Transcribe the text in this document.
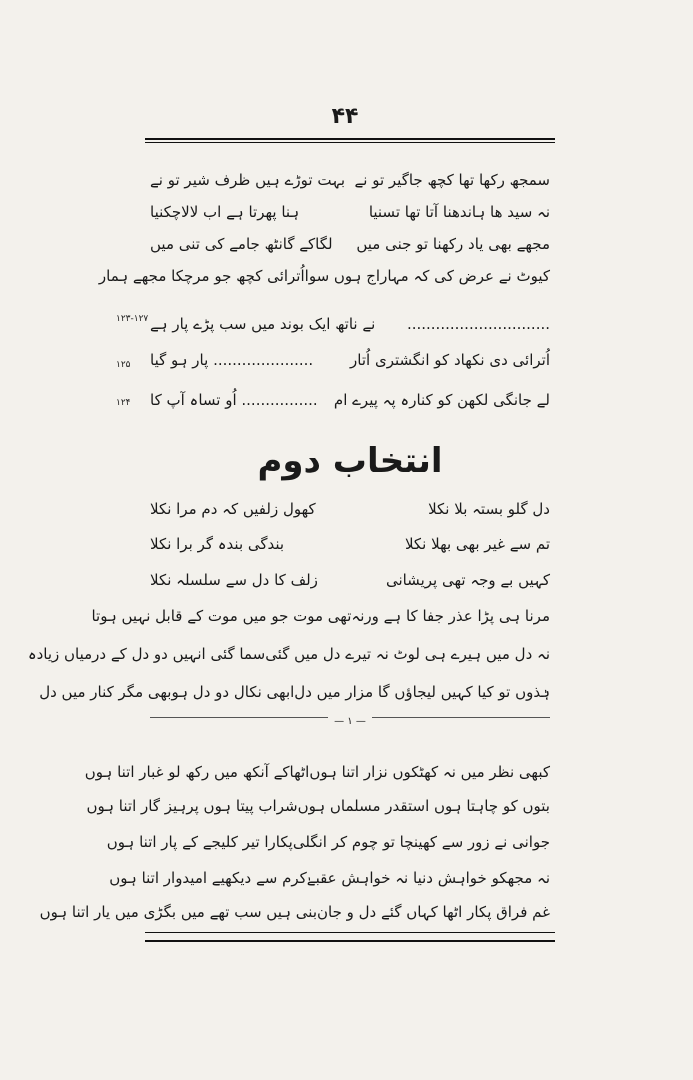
۴۴
سمجھ رکھا تھا کچھ جاگیر تو نے
بہت توڑے ہیں ظرف شیر تو نے
نہ سید ھا ہاندھنا آتا تھا تسنیا
ہنا پھرتا ہے اب لالاچکنیا
مجھے بھی یاد رکھنا تو جنی میں
لگاکے گانٹھ جامے کی تنی میں
کیوٹ نے عرض کی کہ مہاراج ہوں سوا
اُترائی کچھ جو مرچکا مجھے ہمار
..............................
نے ناتھ ایک بوند میں سب پڑے پار ہے
اُترائی دی نکھاد کو انگشتری اُتار
..................... پار ہو گیا
لے جانگی لکھن کو کنارہ پہ پیرے ام
................ اُو تساہ آپ کا
۱۲۳-۱۲۷
۱۲۵
۱۲۴
انتخاب دوم
دل گلو بستہ بلا نکلا
کھول زلفیں کہ دم مرا نکلا
تم سے غیر بھی بھلا نکلا
بندگی بندہ گر برا نکلا
کہیں بے وجہ تھی پریشانی
زلف کا دل سے سلسلہ نکلا
مرنا ہی پڑا عذر جفا کا ہے ورنہ
تھی موت جو میں موت کے قابل نہیں ہوتا
نہ دل میں ہیرے ہی لوٹ نہ تیرے دل میں گئی
سما گئی انہیں دو دل کے درمیاں زیادہ
ہٰذوں تو کیا کہیں لیجاؤں گا مزار میں دل
ابھی نکال دو دل ہوبھی مگر کنار میں دل
$^{— ۱ —}$
کبھی نظر میں نہ کھٹکوں نزار اتنا ہوں
اٹھاکے آنکھ میں رکھ لو غبار اتنا ہوں
بتوں کو چاہتا ہوں استقدر مسلماں ہوں
شراب پیتا ہوں پرہیز گار اتنا ہوں
جوانی نے زور سے کھینچا تو چوم کر انگلی
پکارا تیر کلیجے کے پار اتنا ہوں
نہ مجھکو خواہش دنیا نہ خواہش عقبےٰ
کرم سے دیکھیے امیدوار اتنا ہوں
غم فراق پکار اٹھا کہاں گئے دل و جان
بنی ہیں سب تھے میں بگڑی میں یار اتنا ہوں
